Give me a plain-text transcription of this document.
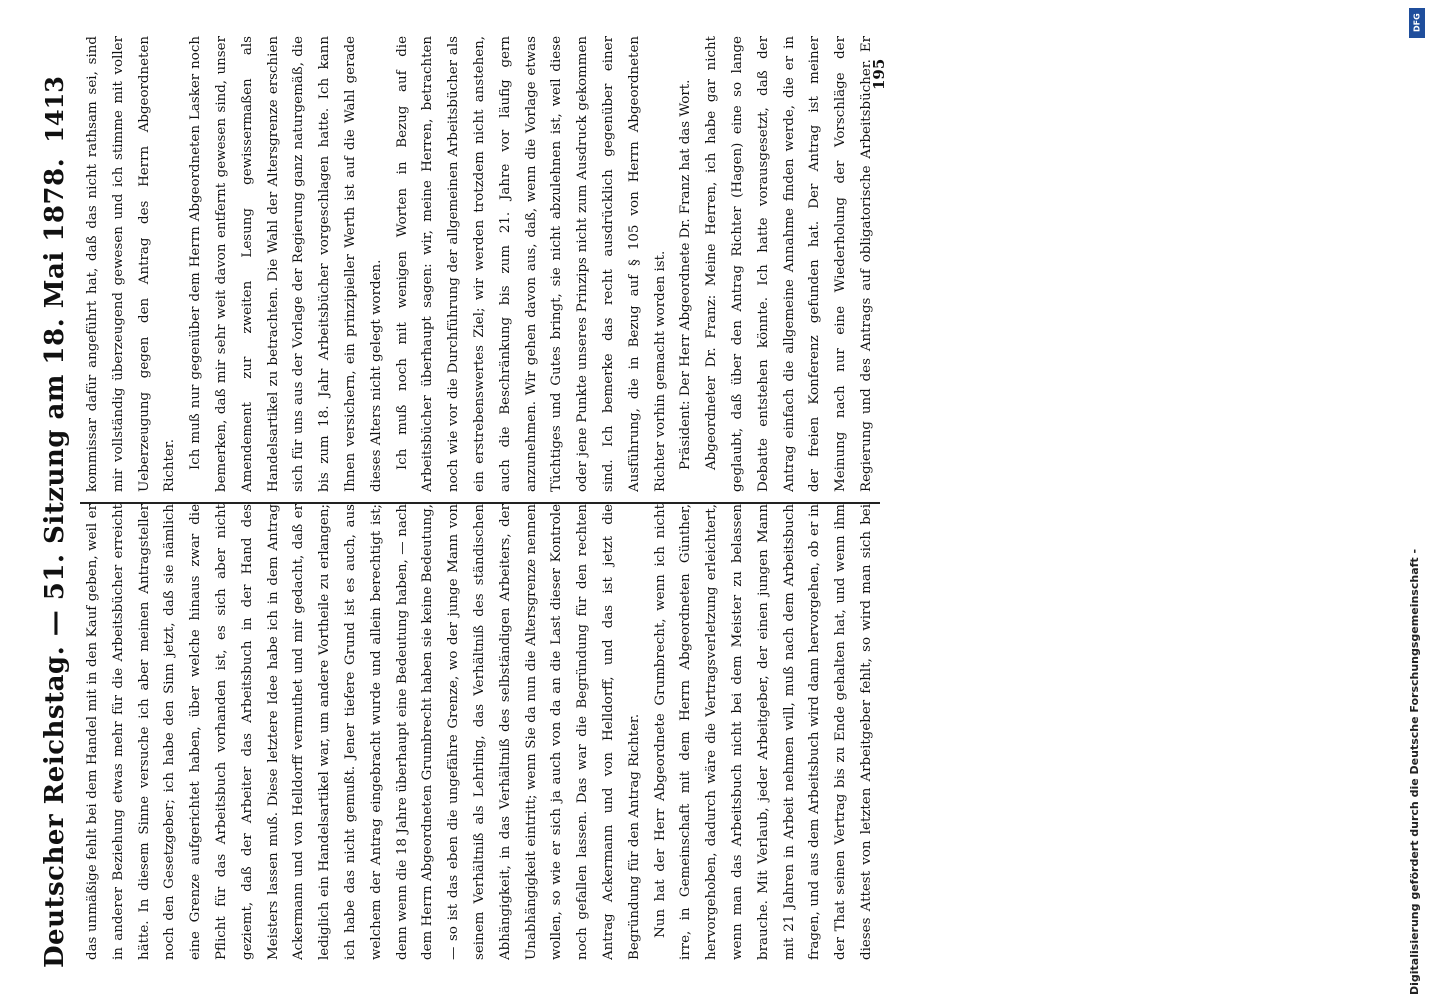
Deutscher Reichstag. — 51. Sitzung am 18. Mai 1878.
1413

das unmäßige fehlt bei dem Handel mit in den Kauf geben, weil er in anderer Beziehung etwas mehr für die Arbeitsbücher erreicht hätte. In diesem Sinne versuche ich aber meinen Antragsteller noch den Gesetzgeber; ich habe den Sinn jetzt, daß sie nämlich eine Grenze aufgerichtet haben, über welche hinaus zwar die Pflicht für das Arbeitsbuch vorhanden ist, es sich aber nicht geziemt, daß der Arbeiter das Arbeitsbuch in der Hand des Meisters lassen muß. Diese letztere Idee habe ich in dem Antrag Ackermann und von Helldorff vermuthet und mir gedacht, daß er lediglich ein Handelsartikel war, um andere Vortheile zu erlangen; ich habe das nicht gemußt. Jener tiefere Grund ist es auch, aus welchem der Antrag eingebracht wurde und allein berechtigt ist; denn wenn die 18 Jahre überhaupt eine Bedeutung haben, — nach dem Herrn Abgeordneten Grumbrecht haben sie keine Bedeutung, — so ist das eben die ungefähre Grenze, wo der junge Mann von seinem Verhältniß als Lehrling, das Verhältniß des ständischen Abhängigkeit, in das Verhältniß des selbständigen Arbeiters, der Unabhängigkeit eintritt; wenn Sie da nun die Altersgrenze nennen wollen, so wie er sich ja auch von da an die Last dieser Kontrole noch gefallen lassen. Das war die Begründung für den rechten Antrag Ackermann und von Helldorff, und das ist jetzt die Begründung für den Antrag Richter. Nun hat der Herr Abgeordnete Grumbrecht, wenn ich nicht irre, in Gemeinschaft mit dem Herrn Abgeordneten Günther, hervorgehoben, dadurch wäre die Vertragsverletzung erleichtert, wenn man das Arbeitsbuch nicht bei dem Meister zu belassen brauche. Mit Verlaub, jeder Arbeitgeber, der einen jungen Mann mit 21 Jahren in Arbeit nehmen will, muß nach dem Arbeitsbuch fragen, und aus dem Arbeitsbuch wird dann hervorgehen, ob er in der That seinen Vertrag bis zu Ende gehalten hat, und wenn ihm dieses Attest von letzten Arbeitgeber fehlt, so wird man sich bei

kommissar dafür angeführt hat, daß das nicht rathsam sei, sind mir vollständig überzeugend gewesen und ich stimme mit voller Ueberzeugung gegen den Antrag des Herrn Abgeordneten Richter. Ich muß nur gegenüber dem Herrn Abgeordneten Lasker noch bemerken, daß mir sehr weit davon entfernt gewesen sind, unser Amendement zur zweiten Lesung gewissermaßen als Handelsartikel zu betrachten. Die Wahl der Altersgrenze erschien sich für uns aus der Vorlage der Regierung ganz naturgemäß, die bis zum 18. Jahr Arbeitsbücher vorgeschlagen hatte. Ich kann Ihnen versichern, ein prinzipieller Werth ist auf die Wahl gerade dieses Alters nicht gelegt worden. Ich muß noch mit wenigen Worten in Bezug auf die Arbeitsbücher überhaupt sagen: wir, meine Herren, betrachten noch wie vor die Durchführung der allgemeinen Arbeitsbücher als ein erstrebenswertes Ziel; wir werden trotzdem nicht anstehen, auch die Beschränkung bis zum 21. Jahre vor läufig gern anzunehmen. Wir gehen davon aus, daß, wenn die Vorlage etwas Tüchtiges und Gutes bringt, sie nicht abzulehnen ist, weil diese oder jene Punkte unseres Prinzips nicht zum Ausdruck gekommen sind. Ich bemerke das recht ausdrücklich gegenüber einer Ausführung, die in Bezug auf § 105 von Herrn Abgeordneten Richter vorhin gemacht worden ist. Präsident: Der Herr Abgeordnete Dr. Franz hat das Wort. Abgeordneter Dr. Franz: Meine Herren, ich habe gar nicht geglaubt, daß über den Antrag Richter (Hagen) eine so lange Debatte entstehen könnte. Ich hatte vorausgesetzt, daß der Antrag einfach die allgemeine Annahme finden werde, die er in der freien Konferenz gefunden hat. Der Antrag ist meiner Meinung nach nur eine Wiederholung der Vorschläge der Regierung und des Antrags auf obligatorische Arbeitsbücher. Er

195
DFG
Digitalisierung gefördert durch die Deutsche Forschungsgemeinschaft -
